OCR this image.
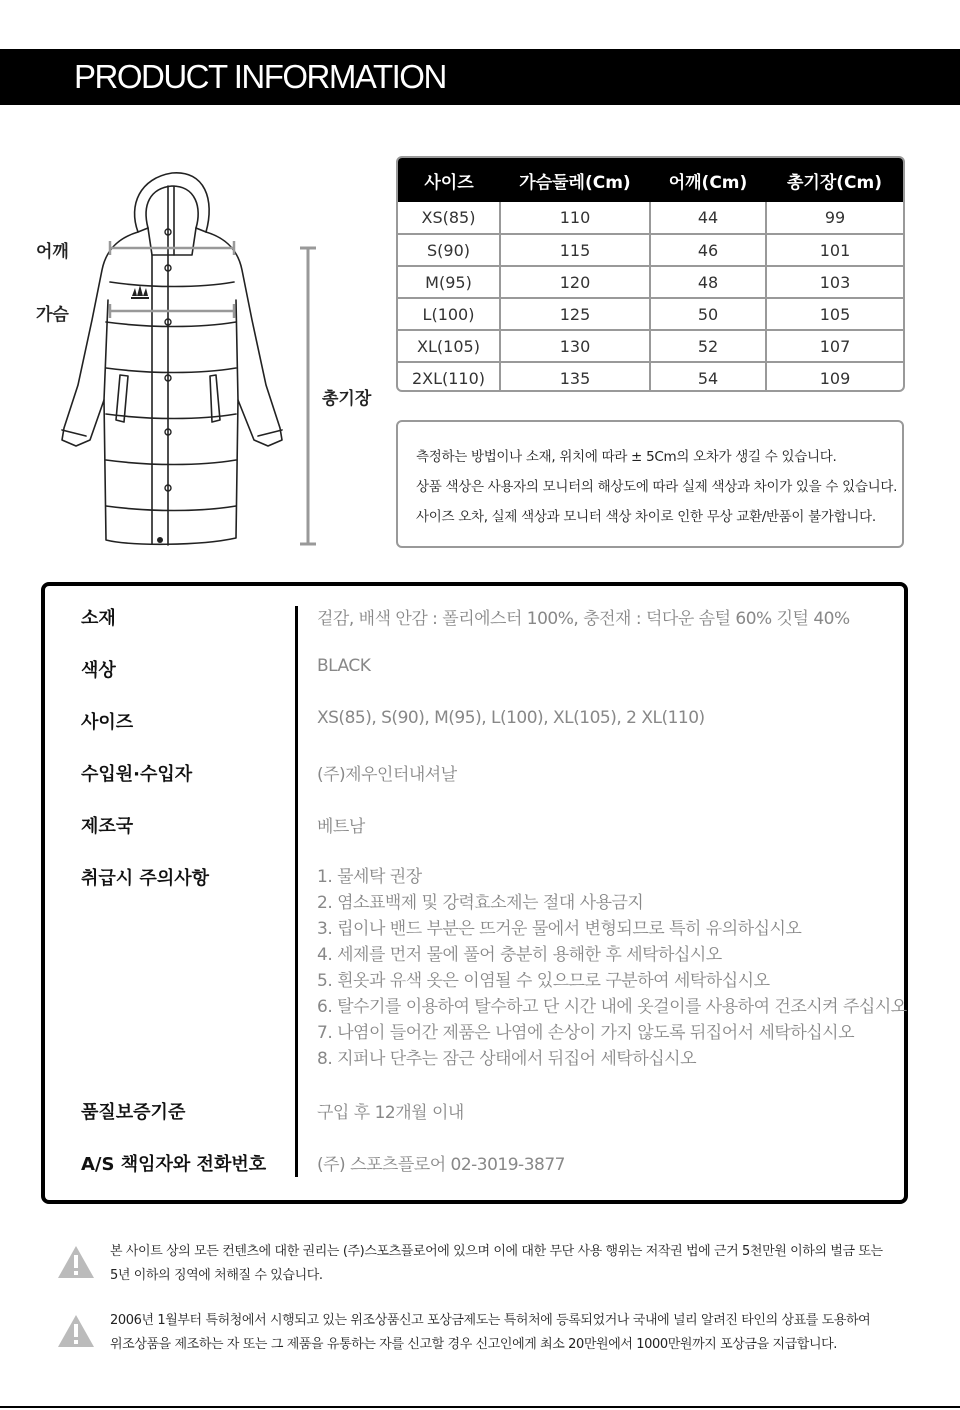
PRODUCT INFORMATION
어깨
가슴
총기장
사이즈	가슴둘레(Cm)	어깨(Cm)	총기장(Cm)
XS(85)	110	44	99
S(90)	115	46	101
M(95)	120	48	103
L(100)	125	50	105
XL(105)	130	52	107
2XL(110)	135	54	109

측정하는 방법이나 소재, 위치에 따라 ± 5Cm의 오차가 생길 수 있습니다.

상품 색상은 사용자의 모니터의 해상도에 따라 실제 색상과 차이가 있을 수 있습니다.

사이즈 오차, 실제 색상과 모니터 색상 차이로 인한 무상 교환/반품이 불가합니다.

소재	겉감, 배색 안감 : 폴리에스터 100%, 충전재 : 덕다운 솜털 60% 깃털 40%
색상	BLACK
사이즈	XS(85), S(90), M(95), L(100), XL(105), 2 XL(110)
수입원·수입자	(주)제우인터내셔날
제조국	베트남
취급시 주의사항	1. 물세탁 권장
2. 염소표백제 및 강력효소제는 절대 사용금지
3. 립이나 밴드 부분은 뜨거운 물에서 변형되므로 특히 유의하십시오
4. 세제를 먼저 물에 풀어 충분히 용해한 후 세탁하십시오
5. 흰옷과 유색 옷은 이염될 수 있으므로 구분하여 세탁하십시오
6. 탈수기를 이용하여 탈수하고 단 시간 내에 옷걸이를 사용하여 건조시켜 주십시오
7. 나염이 들어간 제품은 나염에 손상이 가지 않도록 뒤집어서 세탁하십시오
8. 지퍼나 단추는 잠근 상태에서 뒤집어 세탁하십시오
품질보증기준	구입 후 12개월 이내
A/S 책임자와 전화번호	(주) 스포츠플로어 02-3019-3877

본 사이트 상의 모든 컨텐츠에 대한 권리는 (주)스포츠플로어에 있으며 이에 대한 무단 사용 행위는 저작권 법에 근거 5천만원 이하의 벌금 또는

5년 이하의 징역에 처해질 수 있습니다.

2006년 1월부터 특허청에서 시행되고 있는 위조상품신고 포상금제도는 특허처에 등록되었거나 국내에 널리 알려진 타인의 상표를 도용하여

위조상품을 제조하는 자 또는 그 제품을 유통하는 자를 신고할 경우 신고인에게 최소 20만원에서 1000만원까지 포상금을 지급합니다.
